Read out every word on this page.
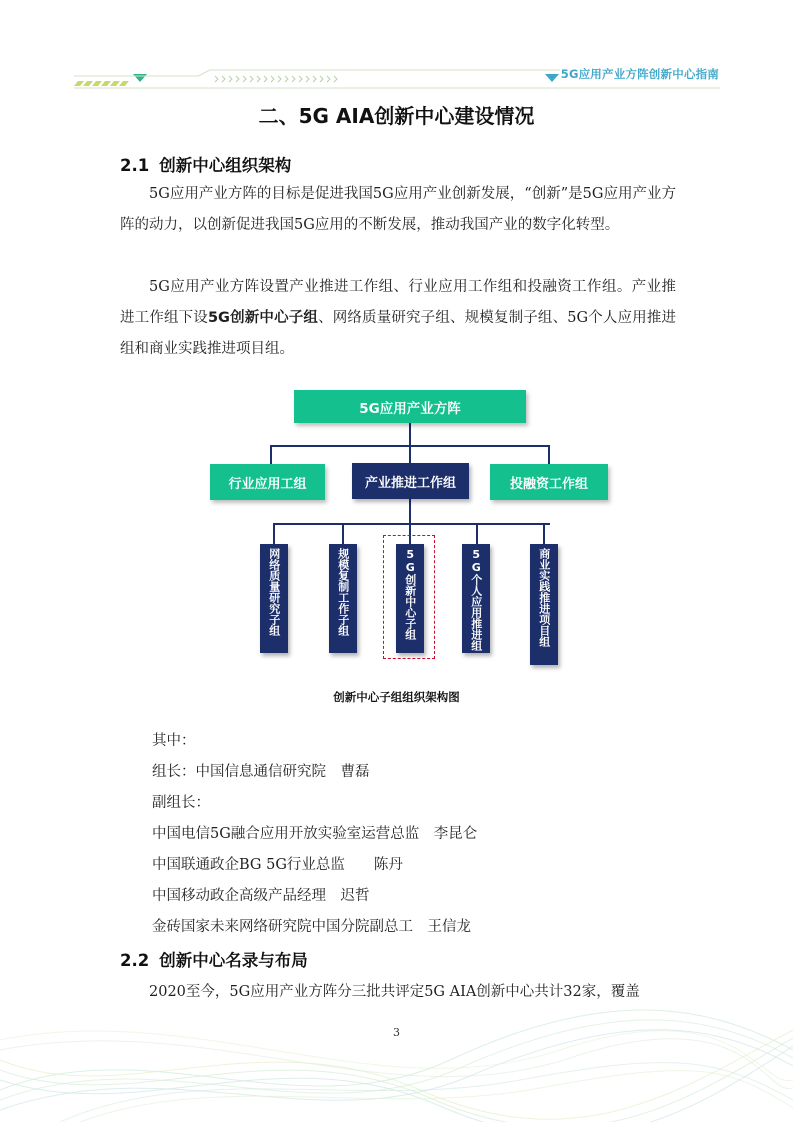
5G应用产业方阵创新中心指南
二、5G AIA创新中心建设情况
2.1 创新中心组织架构
5G应用产业方阵的目标是促进我国5G应用产业创新发展，“创新”是5G应用产业方阵的动力，以创新促进我国5G应用的不断发展，推动我国产业的数字化转型。
5G应用产业方阵设置产业推进工作组、行业应用工作组和投融资工作组。产业推进工作组下设5G创新中心子组、网络质量研究子组、规模复制子组、5G个人应用推进组和商业实践推进项目组。
5G应用产业方阵
行业应用工组	产业推进工作组	投融资工作组
网络质量研究子组	规模复制工作子组	5G创新中心子组	5G个人应用推进组	商业实践推进项目组
创新中心子组组织架构图
其中：
组长：中国信息通信研究院　曹磊
副组长：
中国电信5G融合应用开放实验室运营总监　李昆仑
中国联通政企BG 5G行业总监　　陈丹
中国移动政企高级产品经理　迟哲
金砖国家未来网络研究院中国分院副总工　王信龙
2.2 创新中心名录与布局
2020至今，5G应用产业方阵分三批共评定5G AIA创新中心共计32家，覆盖
3
